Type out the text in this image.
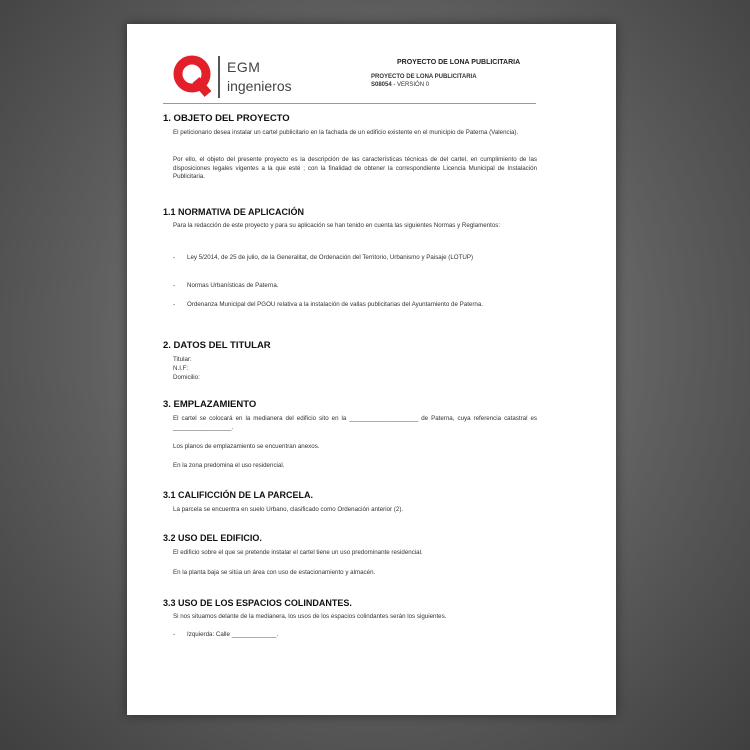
EGM
ingenieros
PROYECTO DE LONA PUBLICITARIA
PROYECTO DE LONA PUBLICITARIA
S08054 - VERSIÓN 0
1. OBJETO DEL PROYECTO
El peticionario desea instalar un cartel publicitario en la fachada de un edificio existente en el municipio de Paterna (Valencia).
Por ello, el objeto del presente proyecto es la descripción de las características técnicas de del cartel, en cumplimiento de las disposiciones legales vigentes a la que esté ; con la finalidad de obtener la correspondiente Licencia Municipal de Instalación Publicitaria.
1.1 NORMATIVA DE APLICACIÓN
Para la redacción de este proyecto y para su aplicación se han tenido en cuenta las siguientes Normas y Reglamentos:
- Ley 5/2014, de 25 de julio, de la Generalitat, de Ordenación del Territorio, Urbanismo y Paisaje (LOTUP)
- Normas Urbanísticas de Paterna.
- Ordenanza Municipal del PGOU relativa a la instalación de vallas publicitarias del Ayuntamiento de Paterna.
2. DATOS DEL TITULAR
Titular:
N.I.F:
Domicilio:
3. EMPLAZAMIENTO
El cartel se colocará en la medianera del edificio sito en la ____________________ de Paterna, cuya referencia catastral es _________________.
Los planos de emplazamiento se encuentran anexos.
En la zona predomina el uso residencial.
3.1 CALIFICCIÓN DE LA PARCELA.
La parcela se encuentra en suelo Urbano, clasificado como Ordenación anterior (2).
3.2 USO DEL EDIFICIO.
El edificio sobre el que se pretende instalar el cartel tiene un uso predominante residencial.
En la planta baja se sitúa un área con uso de estacionamiento y almacén.
3.3 USO DE LOS ESPACIOS COLINDANTES.
Si nos situamos delante de la medianera, los usos de los espacios colindantes serán los siguientes.
- Izquierda: Calle _____________.
